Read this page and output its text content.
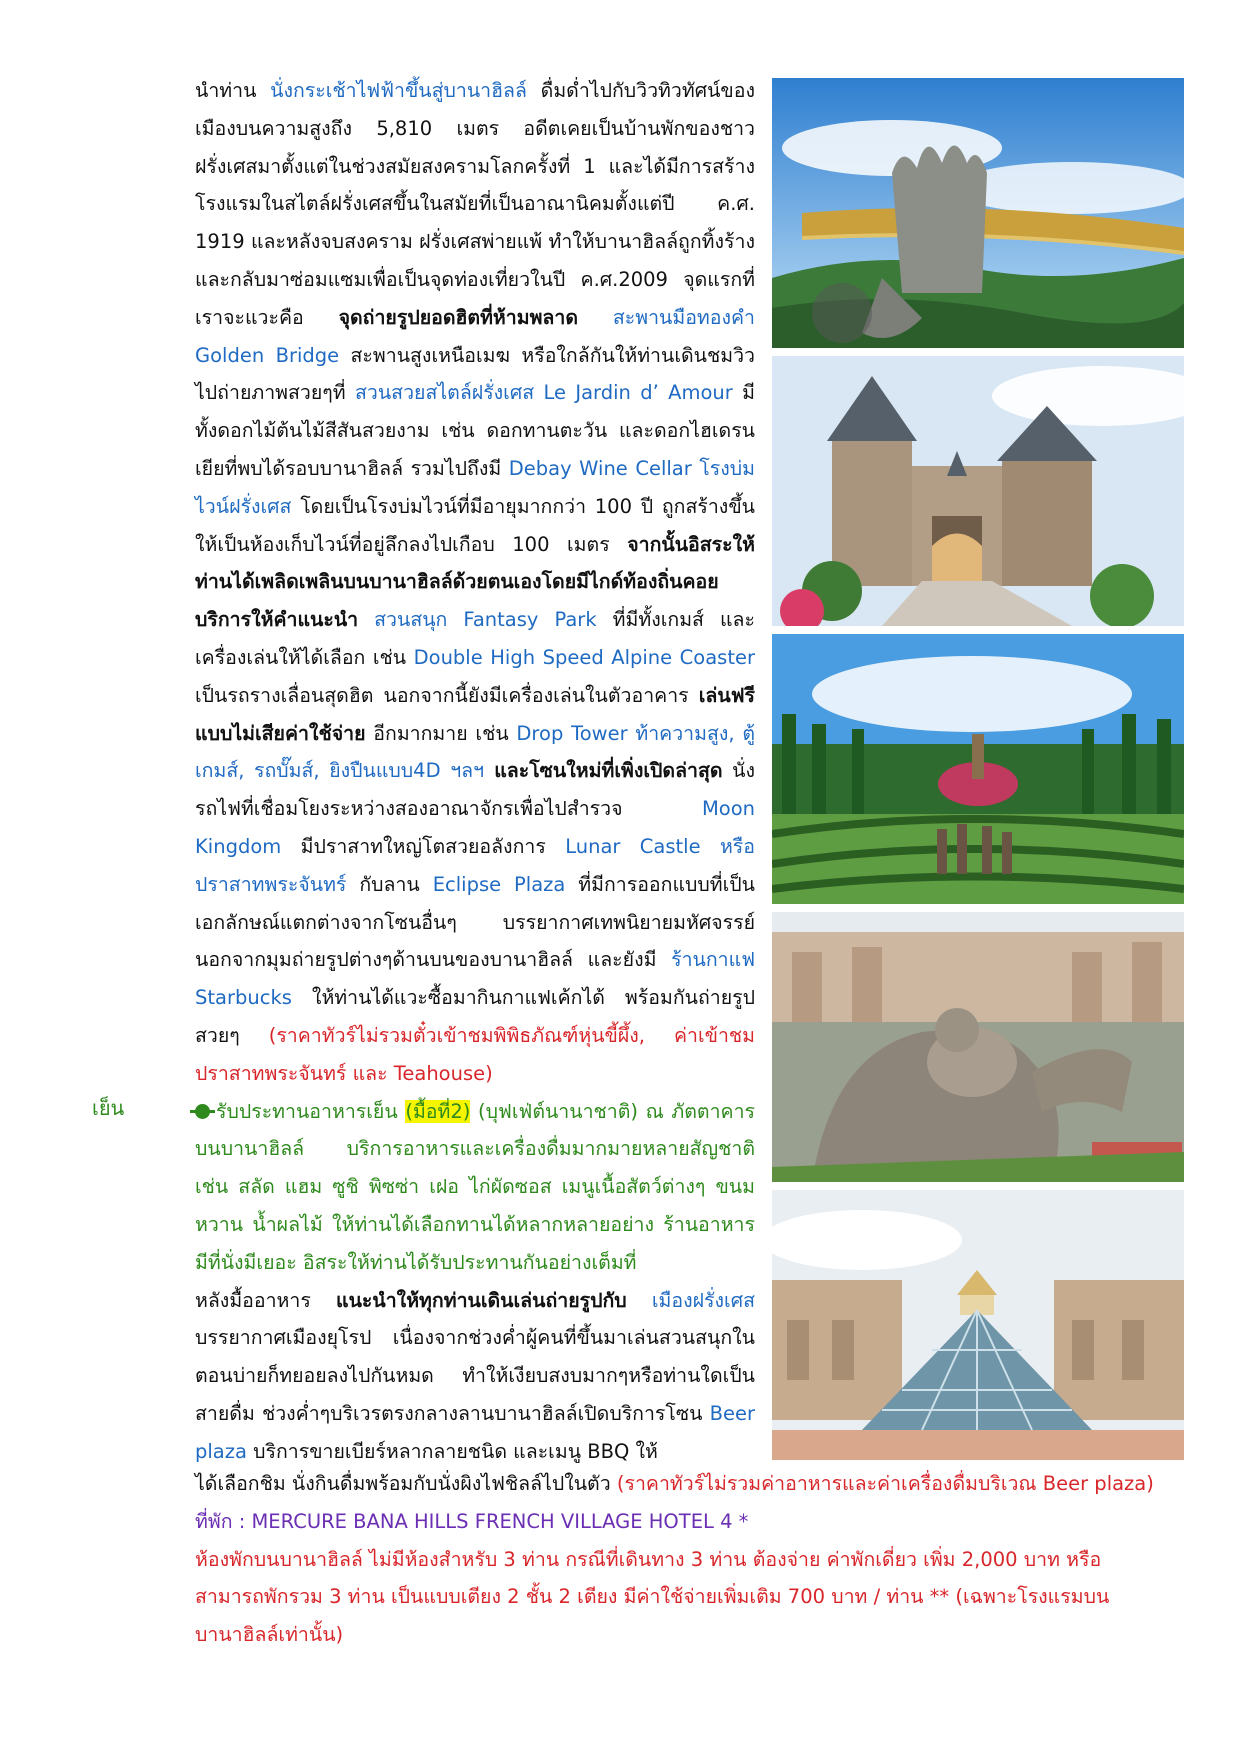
นำท่าน นั่งกระเช้าไฟฟ้าขึ้นสู่บานาฮิลล์ ดื่มด่ำไปกับวิวทิวทัศน์ของเมืองบนความสูงถึง 5,810 เมตร อดีตเคยเป็นบ้านพักของชาวฝรั่งเศสมาตั้งแต่ในช่วงสมัยสงครามโลกครั้งที่ 1 และได้มีการสร้างโรงแรมในสไตล์ฝรั่งเศสขึ้นในสมัยที่เป็นอาณานิคมตั้งแต่ปี ค.ศ. 1919 และหลังจบสงคราม ฝรั่งเศสพ่ายแพ้ ทำให้บานาฮิลล์ถูกทิ้งร้าง และกลับมาซ่อมแซมเพื่อเป็นจุดท่องเที่ยวในปี ค.ศ.2009 จุดแรกที่เราจะแวะคือ จุดถ่ายรูปยอดฮิตที่ห้ามพลาด สะพานมือทองคำ Golden Bridge สะพานสูงเหนือเมฆ หรือใกล้กันให้ท่านเดินชมวิวไปถ่ายภาพสวยๆที่ สวนสวยสไตล์ฝรั่งเศส Le Jardin d’ Amour มีทั้งดอกไม้ต้นไม้สีสันสวยงาม เช่น ดอกทานตะวัน และดอกไฮเดรนเยียที่พบได้รอบบานาฮิลล์ รวมไปถึงมี Debay Wine Cellar โรงบ่มไวน์ฝรั่งเศส โดยเป็นโรงบ่มไวน์ที่มีอายุมากกว่า 100 ปี ถูกสร้างขึ้นให้เป็นห้องเก็บไวน์ที่อยู่ลึกลงไปเกือบ 100 เมตร จากนั้นอิสระให้ท่านได้เพลิดเพลินบนบานาฮิลล์ด้วยตนเองโดยมีไกด์ท้องถิ่นคอยบริการให้คำแนะนำ สวนสนุก Fantasy Park ที่มีทั้งเกมส์ และเครื่องเล่นให้ได้เลือก เช่น Double High Speed Alpine Coaster เป็นรถรางเลื่อนสุดฮิต นอกจากนี้ยังมีเครื่องเล่นในตัวอาคาร เล่นฟรีแบบไม่เสียค่าใช้จ่าย อีกมากมาย เช่น Drop Tower ท้าความสูง, ตู้เกมส์, รถบั๊มส์, ยิงปืนแบบ4D ฯลฯ และโซนใหม่ที่เพิ่งเปิดล่าสุด นั่งรถไฟที่เชื่อมโยงระหว่างสองอาณาจักรเพื่อไปสำรวจ Moon Kingdom มีปราสาทใหญ่โตสวยอลังการ Lunar Castle หรือ ปราสาทพระจันทร์ กับลาน Eclipse Plaza ที่มีการออกแบบที่เป็นเอกลักษณ์แตกต่างจากโซนอื่นๆ บรรยากาศเทพนิยายมหัศจรรย์ นอกจากมุมถ่ายรูปต่างๆด้านบนของบานาฮิลล์ และยังมี ร้านกาแฟ Starbucks ให้ท่านได้แวะซื้อมากินกาแฟเค้กได้ พร้อมกันถ่ายรูปสวยๆ (ราคาทัวร์ไม่รวมตั๋วเข้าชมพิพิธภัณฑ์หุ่นขี้ผึ้ง, ค่าเข้าชมปราสาทพระจันทร์ และ Teahouse)

รับประทานอาหารเย็น (มื้อที่2) (บุฟเฟ่ต์นานาชาติ) ณ ภัตตาคารบนบานาฮิลล์ บริการอาหารและเครื่องดื่มมากมายหลายสัญชาติ เช่น สลัด แฮม ซูชิ พิซซ่า เฝอ ไก่ผัดซอส เมนูเนื้อสัตว์ต่างๆ ขนมหวาน น้ำผลไม้ ให้ท่านได้เลือกทานได้หลากหลายอย่าง ร้านอาหารมีที่นั่งมีเยอะ อิสระให้ท่านได้รับประทานกันอย่างเต็มที่

หลังมื้ออาหาร แนะนำให้ทุกท่านเดินเล่นถ่ายรูปกับ เมืองฝรั่งเศส บรรยากาศเมืองยุโรป เนื่องจากช่วงค่ำผู้คนที่ขึ้นมาเล่นสวนสนุกในตอนบ่ายก็ทยอยลงไปกันหมด ทำให้เงียบสงบมากๆหรือท่านใดเป็นสายดื่ม ช่วงค่ำๆบริเวรตรงกลางลานบานาฮิลล์เปิดบริการโซน Beer plaza บริการขายเบียร์หลากลายชนิด และเมนู BBQ ให้

เย็น
ได้เลือกชิม นั่งกินดื่มพร้อมกับนั่งผิงไฟชิลล์ไปในตัว (ราคาทัวร์ไม่รวมค่าอาหารและค่าเครื่องดื่มบริเวณ Beer plaza)
ที่พัก : MERCURE BANA HILLS FRENCH VILLAGE HOTEL 4 *
ห้องพักบนบานาฮิลล์ ไม่มีห้องสำหรับ 3 ท่าน กรณีที่เดินทาง 3 ท่าน ต้องจ่าย ค่าพักเดี่ยว เพิ่ม 2,000 บาท หรือ สามารถพักรวม 3 ท่าน เป็นแบบเตียง 2 ชั้น 2 เตียง มีค่าใช้จ่ายเพิ่มเติม 700 บาท / ท่าน ** (เฉพาะโรงแรมบนบานาฮิลล์เท่านั้น)
